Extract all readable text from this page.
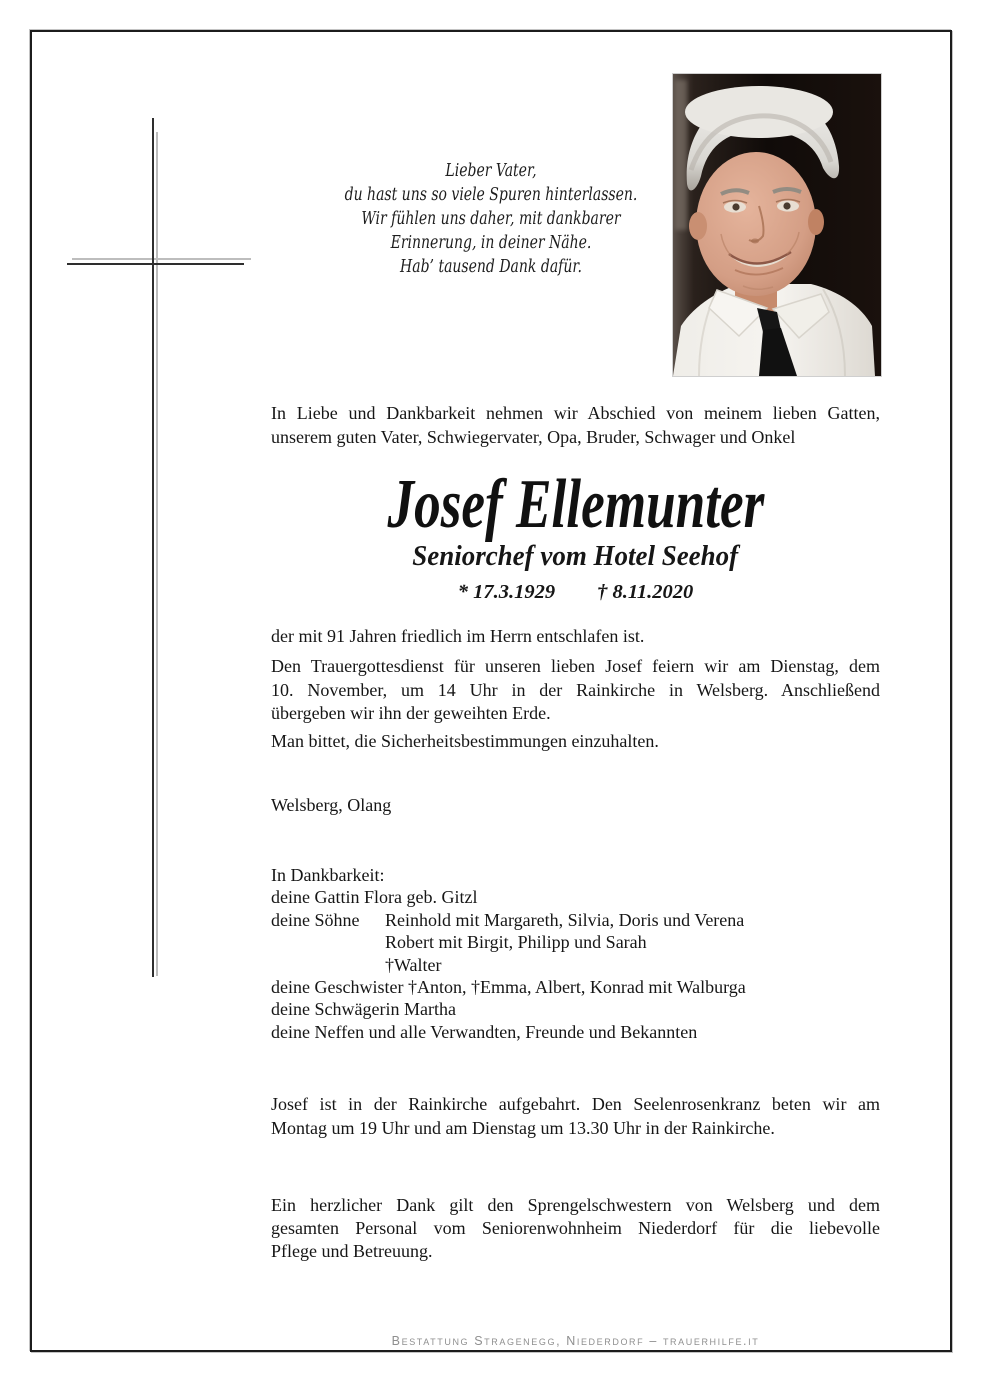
Lieber Vater,
du hast uns so viele Spuren hinterlassen.
Wir fühlen uns daher, mit dankbarer
Erinnerung, in deiner Nähe.
Hab’ tausend Dank dafür.
In Liebe und Dankbarkeit nehmen wir Abschied von meinem lieben Gatten,
unserem guten Vater, Schwiegervater, Opa, Bruder, Schwager und Onkel
Josef Ellemunter
Seniorchef vom Hotel Seehof
* 17.3.1929 † 8.11.2020
der mit 91 Jahren friedlich im Herrn entschlafen ist.
Den Trauergottesdienst für unseren lieben Josef feiern wir am Dienstag, dem
10. November, um 14 Uhr in der Rainkirche in Welsberg. Anschließend
übergeben wir ihn der geweihten Erde.
Man bittet, die Sicherheitsbestimmungen einzuhalten.
Welsberg, Olang
In Dankbarkeit:
deine Gattin Flora geb. Gitzl
deine Söhne	Reinhold mit Margareth, Silvia, Doris und Verena
Robert mit Birgit, Philipp und Sarah
†Walter
deine Geschwister †Anton, †Emma, Albert, Konrad mit Walburga
deine Schwägerin Martha
deine Neffen und alle Verwandten, Freunde und Bekannten
Josef ist in der Rainkirche aufgebahrt. Den Seelenrosenkranz beten wir am
Montag um 19 Uhr und am Dienstag um 13.30 Uhr in der Rainkirche.
Ein herzlicher Dank gilt den Sprengelschwestern von Welsberg und dem
gesamten Personal vom Seniorenwohnheim Niederdorf für die liebevolle
Pflege und Betreuung.
Bestattung Stragenegg, Niederdorf – trauerhilfe.it
